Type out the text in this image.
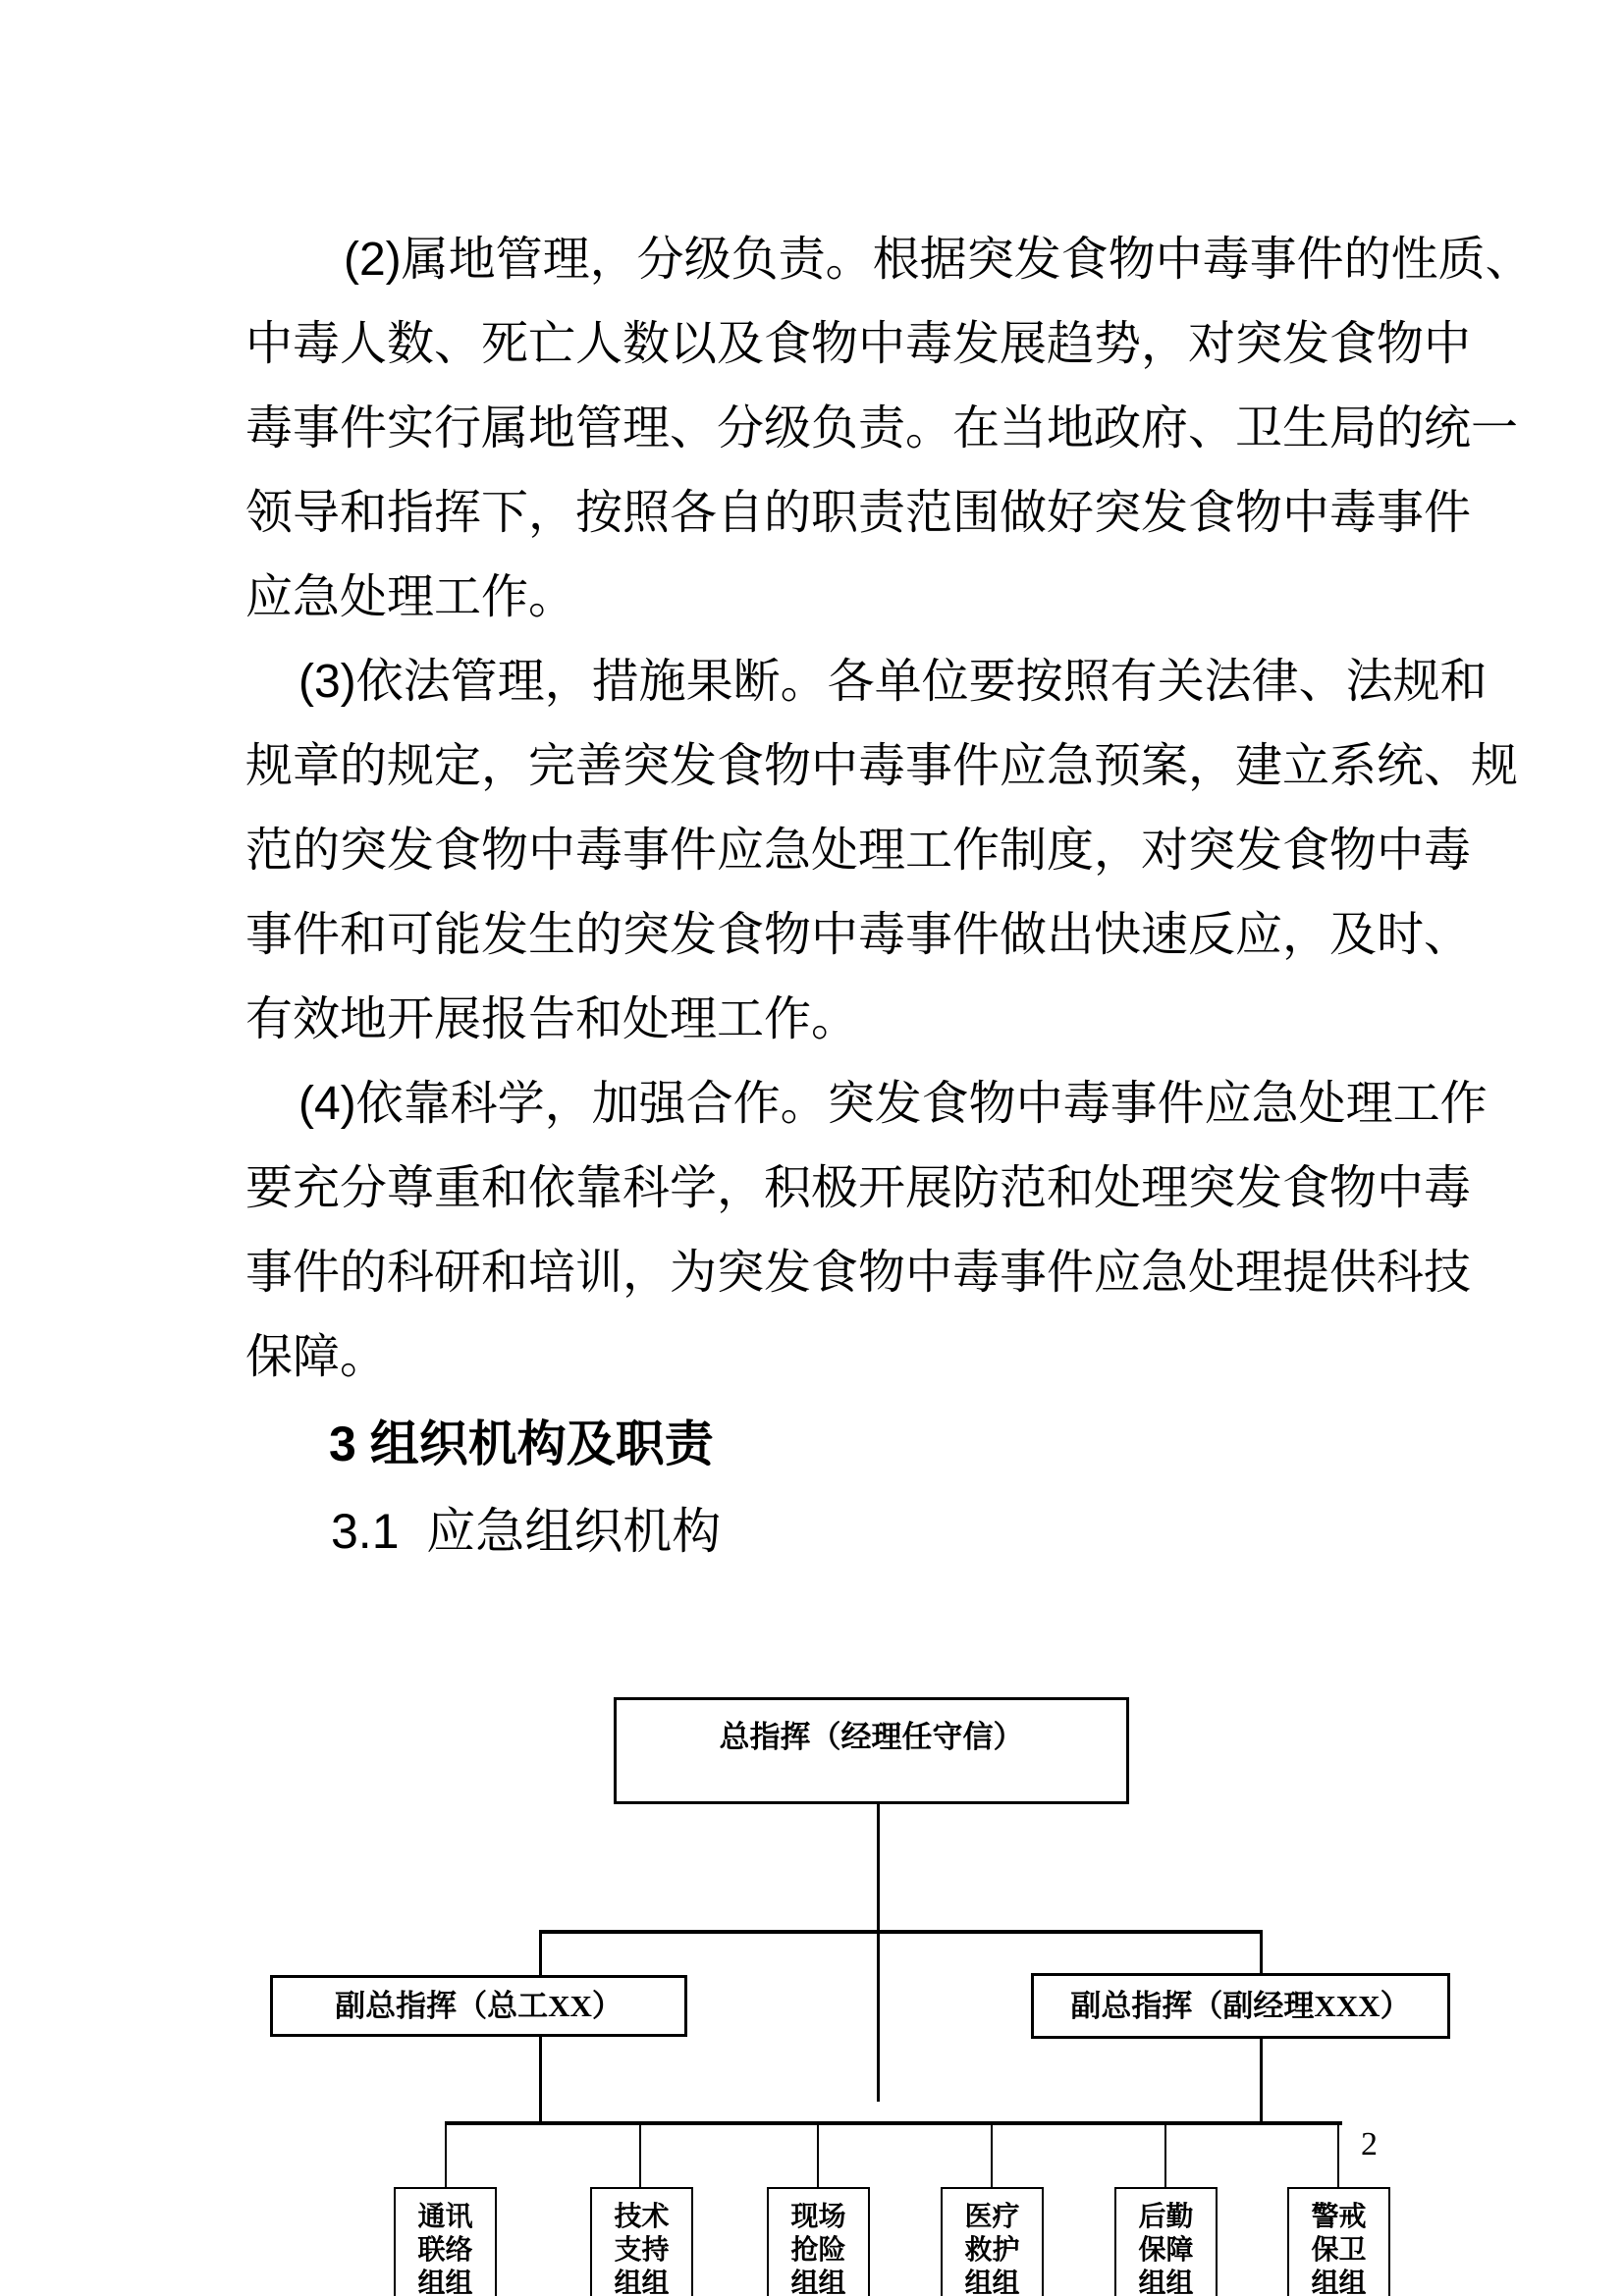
(2)属地管理，分级负责。根据突发食物中毒事件的性质、
中毒人数、死亡人数以及食物中毒发展趋势，对突发食物中
毒事件实行属地管理、分级负责。在当地政府、卫生局的统一
领导和指挥下，按照各自的职责范围做好突发食物中毒事件
应急处理工作。
(3)依法管理，措施果断。各单位要按照有关法律、法规和
规章的规定，完善突发食物中毒事件应急预案，建立系统、规
范的突发食物中毒事件应急处理工作制度，对突发食物中毒
事件和可能发生的突发食物中毒事件做出快速反应，及时、
有效地开展报告和处理工作。
(4)依靠科学，加强合作。突发食物中毒事件应急处理工作
要充分尊重和依靠科学，积极开展防范和处理突发食物中毒
事件的科研和培训，为突发食物中毒事件应急处理提供科技
保障。
3 组织机构及职责
3.1  应急组织机构
总指挥（经理任守信）
副总指挥（总工XX）	副总指挥（副经理XXX）
通讯
联络
组组
技术
支持
组组
现场
抢险
组组
医疗
救护
组组
后勤
保障
组组
警戒
保卫
组组
2
